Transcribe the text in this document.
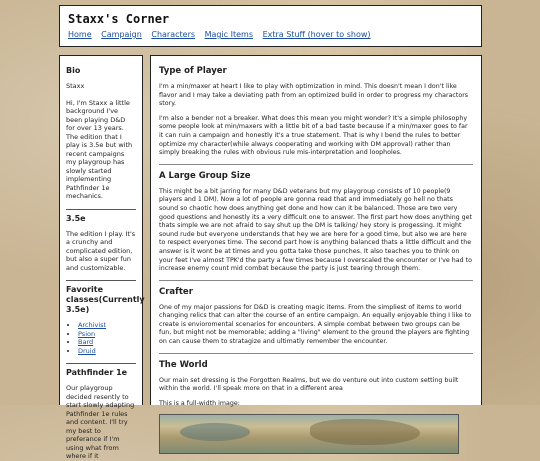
Staxx's Corner
Home Campaign Characters Magic Items Extra Stuff (hover to show)
Bio

Staxx

Hi, I'm Staxx a little background I've been playing D&D for over 13 years. The edition that I play is 3.5e but with recent campaigns my playgroup has slowly started implementing Pathfinder 1e mechanics.

3.5e

The edition I play. It's a crunchy and complicated edition, but also a super fun and customizable.

Favorite classes(Currently 3.5e)
• Archivist
• Psion
• Bard
• Druid
Pathfinder 1e

Our playgroup decided resently to start slowly adapting Pathfinder 1e rules and content. I'll try my best to preferance if I'm using what from where if it

Type of Player

I'm a min/maxer at heart I like to play with optimization in mind. This doesn't mean I don't like flavor and I may take a deviating path from an optimized build in order to progress my charactors story.

I'm also a bender not a breaker. What does this mean you might wonder? It's a simple philosophy some people look at min/maxers with a little bit of a bad taste because if a min/maxer goes to far it can ruin a campaign and honestly it's a true statement. That is why I bend the rules to better optimize my character(while always cooperating and working with DM approval) rather than simply breaking the rules with obvious rule mis-interpretation and loopholes.

A Large Group Size

This might be a bit jarring for many D&D veterans but my playgroup consists of 10 people(9 players and 1 DM). Now a lot of people are gonna read that and immediately go hell no thats sound so chaotic how does anything get done and how can it be balanced. Those are two very good questions and honestly its a very difficult one to answer. The first part how does anything get thats simple we are not afraid to say shut up the DM is talking/ hey story is progessing. It might sound rude but everyone understands that hey we are here for a good time, but also we are here to respect everyones time. The second part how is anything balanced thats a little difficult and the answer is it wont be at times and you gotta take those punches. It also teaches you to think on your feet I've almost TPK'd the party a few times because I overscaled the encounter or I've had to increase enemy count mid combat because the party is just tearing through them.

Crafter

One of my major passions for D&D is creating magic items. From the simpliest of items to world changing relics that can alter the course of an entire campaign. An equally enjoyable thing I like to create is envioromental scenarios for encounters. A simple combat between two groups can be fun, but might not be memorable; adding a "living" element to the ground the players are fighting on can cause them to stratagize and ultimatly remember the encounter.

The World

Our main set dressing is the Forgotten Realms, but we do venture out into custom setting built within the world. I'll speak more on that in a different area

This is a full-width image:
